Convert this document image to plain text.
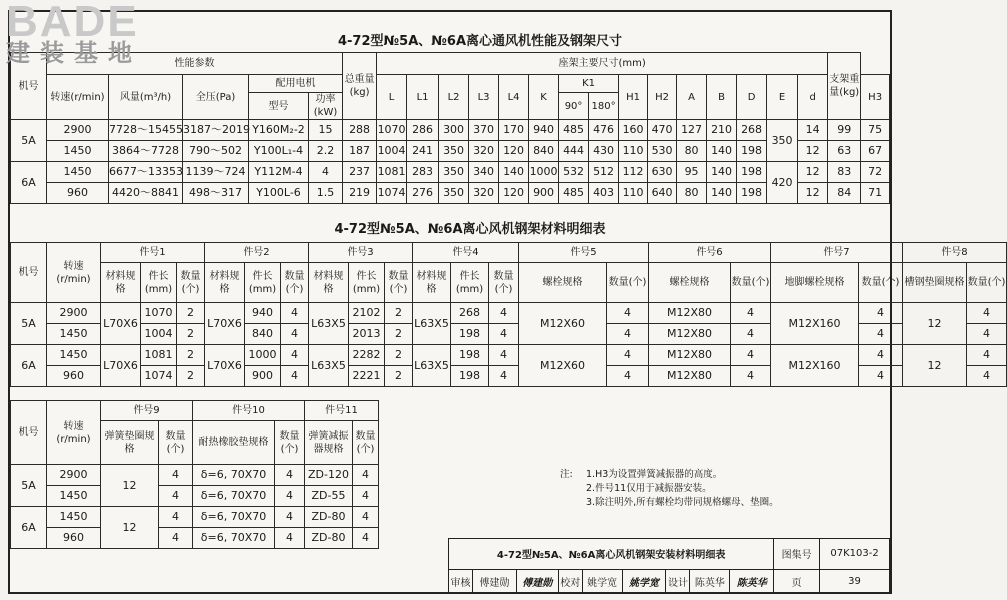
BADE
建装基地	4-72型№5A、№6A离心通风机性能及钢架尺寸
机号	性能参数					总重量(kg)	座架主要尺寸(mm)															支架重量(kg)	
	转速(r/min)	风量(m³/h)	全压(Pa)	配用电机			L	L1	L2	L3	L4	K	K1		H1	H2	A	B	D	E	d		H3
				型号	功率(kW)								90°	180°									
5A	2900	7728～15455	3187～2019	Y160M₂-2	15	288	1070	286	300	370	170	940	485	476	160	470	127	210	268	350	14	99	75
	1450	3864～7728	790～502	Y100L₁-4	2.2	187	1004	241	350	320	120	840	444	430	110	530	80	140	198		12	63	67
6A	1450	6677～13353	1139～724	Y112M-4	4	237	1081	283	350	340	140	1000	532	512	112	630	95	140	198	420	12	83	72
	960	4420～8841	498～317	Y100L-6	1.5	219	1074	276	350	320	120	900	485	403	110	640	80	140	198		12	84	71
4-72型№5A、№6A离心风机钢架材料明细表
机号	转速(r/min)	件号1			件号2			件号3			件号4			件号5		件号6		件号7		件号8	
		材料规格	件长(mm)	数量(个)	材料规格	件长(mm)	数量(个)	材料规格	件长(mm)	数量(个)	材料规格	件长(mm)	数量(个)	螺栓规格	数量(个)	螺栓规格	数量(个)	地脚螺栓规格	数量(个)	槽钢垫圈规格	数量(个)
5A	2900	L70X6	1070	2	L70X6	940	4	L63X5	2102	2	L63X5	268	4	M12X60	4	M12X80	4	M12X160	4	12	4
	1450		1004	2		840	4		2013	2		198	4		4	M12X80	4		4		4
6A	1450	L70X6	1081	2	L70X6	1000	4	L63X5	2282	2	L63X5	198	4	M12X60	4	M12X80	4	M12X160	4	12	4
	960		1074	2		900	4		2221	2		198	4		4	M12X80	4		4		4
机号	转速(r/min)	件号9		件号10		件号11	
		弹簧垫圈规格	数量(个)	耐热橡胶垫规格	数量(个)	弹簧减振器规格	数量(个)
5A	2900	12	4	δ=6, 70X70	4	ZD-120	4
	1450		4	δ=6, 70X70	4	ZD-55	4
6A	1450	12	4	δ=6, 70X70	4	ZD-80	4
	960		4	δ=6, 70X70	4	ZD-80	4
注:	1.H3为设置弹簧减振器的高度。
2.件号11仅用于减振器安装。
3.除注明外,所有螺栓均带同规格螺母、垫圈。
4-72型№5A、№6A离心风机钢架安装材料明细表									图集号	07K103-2
审核	傅建勋	傅建勋	校对	姚学宽	姚学宽	设计	陈英华	陈英华	页	39
